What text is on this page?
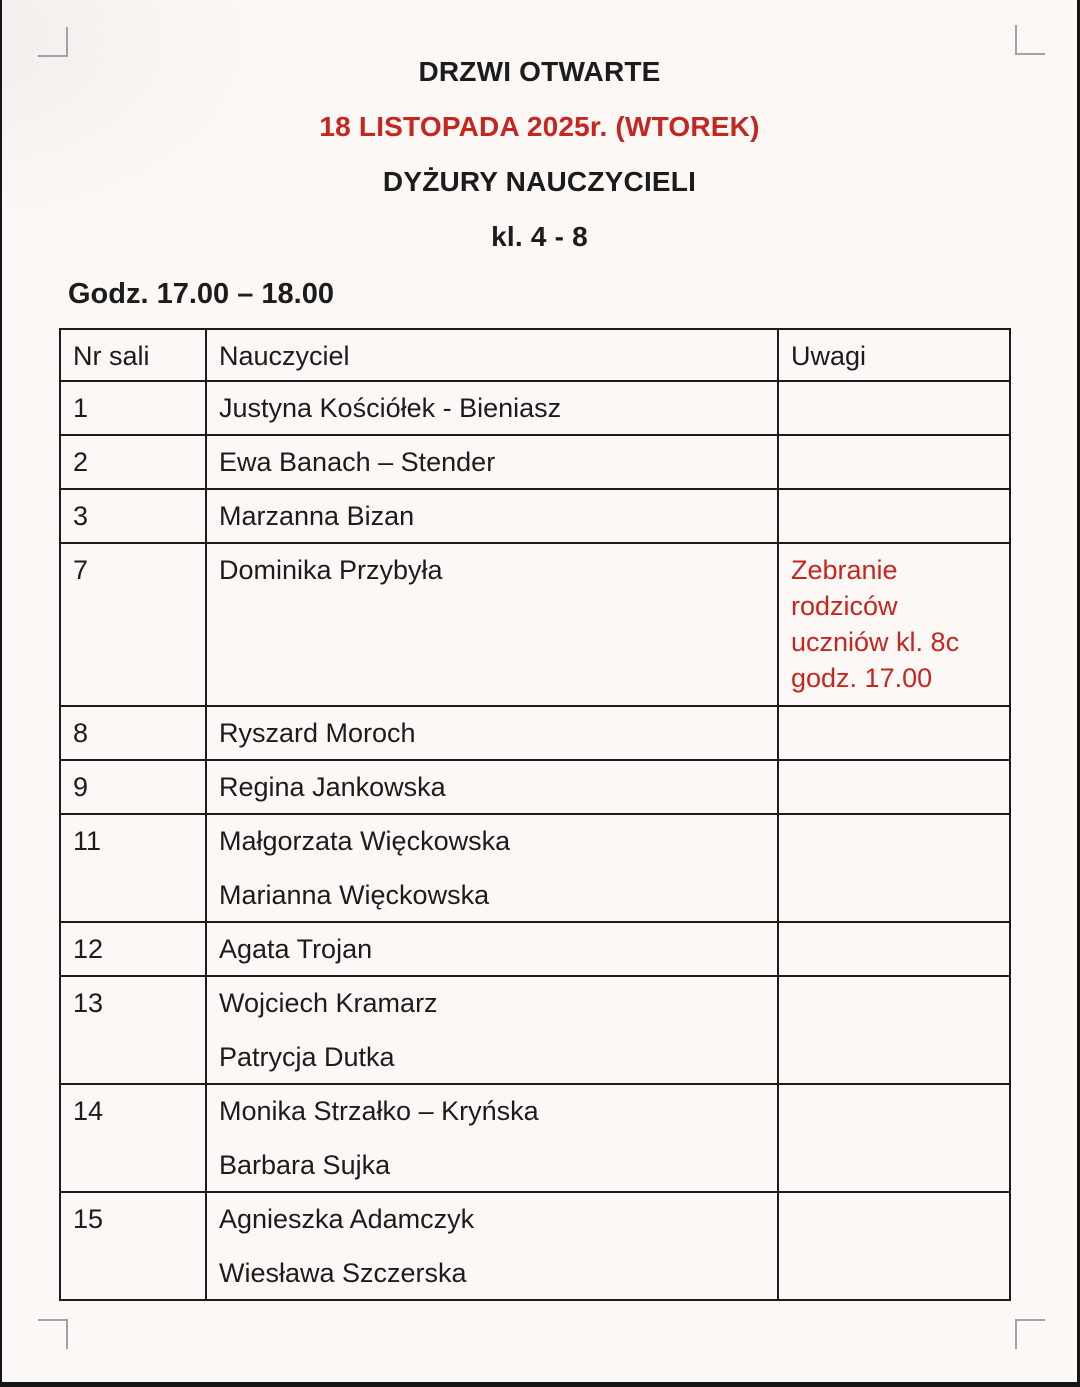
DRZWI OTWARTE
18 LISTOPADA 2025r. (WTOREK)
DYŻURY NAUCZYCIELI
kl. 4 - 8
Godz. 17.00 – 18.00
Nr sali	Nauczyciel	Uwagi
1	Justyna Kościółek - Bieniasz	

2	Ewa Banach – Stender	

3	Marzanna Bizan	

7	Dominika Przybyła	Zebranie rodziców uczniów kl. 8c godz. 17.00

8	Ryszard Moroch	

9	Regina Jankowska	

11	Małgorzata Więckowska

Marianna Więckowska	

12	Agata Trojan	

13	Wojciech Kramarz

Patrycja Dutka	

14	Monika Strzałko – Kryńska

Barbara Sujka	

15	Agnieszka Adamczyk

Wiesława Szczerska	
